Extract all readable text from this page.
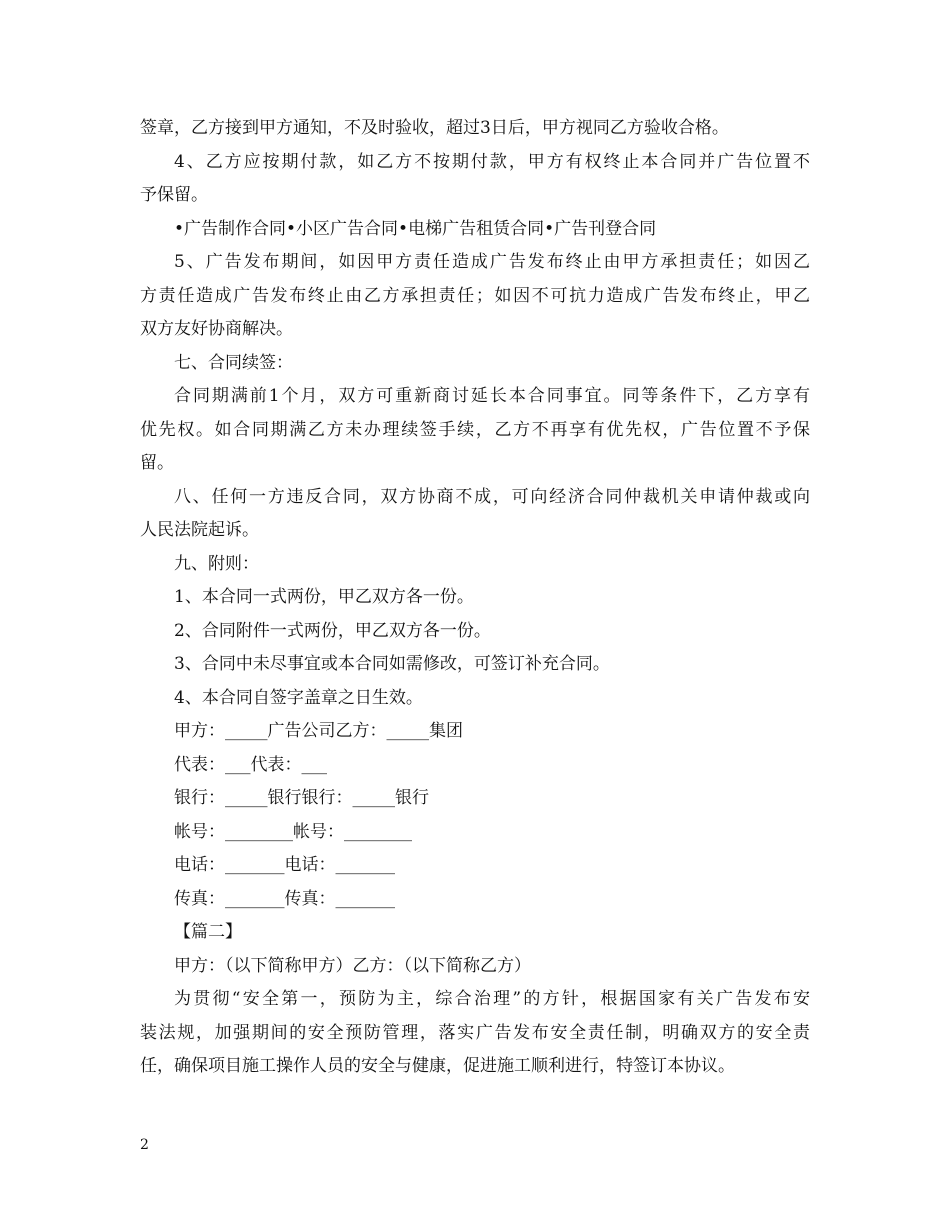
签章，乙方接到甲方通知，不及时验收，超过3日后，甲方视同乙方验收合格。
4、乙方应按期付款，如乙方不按期付款，甲方有权终止本合同并广告位置不
予保留。
•广告制作合同•小区广告合同•电梯广告租赁合同•广告刊登合同
5、广告发布期间，如因甲方责任造成广告发布终止由甲方承担责任；如因乙
方责任造成广告发布终止由乙方承担责任；如因不可抗力造成广告发布终止，甲乙
双方友好协商解决。
七、合同续签：
合同期满前1个月，双方可重新商讨延长本合同事宜。同等条件下，乙方享有
优先权。如合同期满乙方未办理续签手续，乙方不再享有优先权，广告位置不予保
留。
八、任何一方违反合同，双方协商不成，可向经济合同仲裁机关申请仲裁或向
人民法院起诉。
九、附则：
1、本合同一式两份，甲乙双方各一份。
2、合同附件一式两份，甲乙双方各一份。
3、合同中未尽事宜或本合同如需修改，可签订补充合同。
4、本合同自签字盖章之日生效。
甲方：_____广告公司乙方：_____集团
代表：___代表：___
银行：_____银行银行：_____银行
帐号：________帐号：________
电话：_______电话：_______
传真：_______传真：_______
【篇二】
甲方：（以下简称甲方）乙方：（以下简称乙方）
为贯彻“安全第一，预防为主，综合治理”的方针，根据国家有关广告发布安
装法规，加强期间的安全预防管理，落实广告发布安全责任制，明确双方的安全责
任，确保项目施工操作人员的安全与健康，促进施工顺利进行，特签订本协议。
2
